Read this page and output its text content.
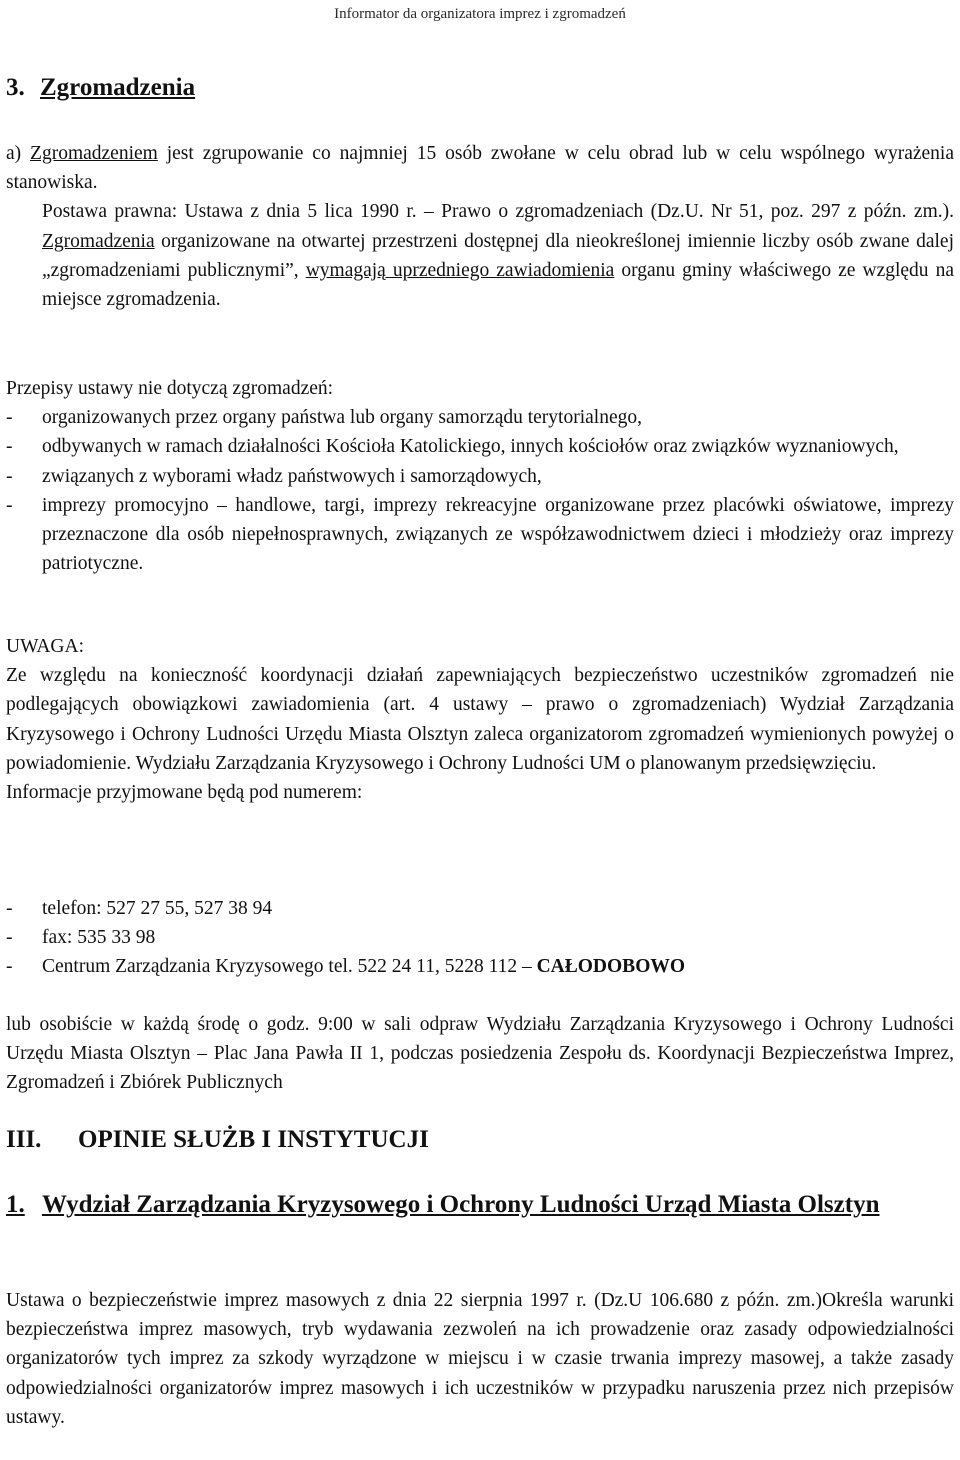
Informator da organizatora imprez i zgromadzeń
3. Zgromadzenia
a) Zgromadzeniem jest zgrupowanie co najmniej 15 osób zwołane w celu obrad lub w celu wspólnego wyrażenia stanowiska.
Postawa prawna: Ustawa z dnia 5 lica 1990 r. – Prawo o zgromadzeniach (Dz.U. Nr 51, poz. 297 z późn. zm.). Zgromadzenia organizowane na otwartej przestrzeni dostępnej dla nieokreślonej imiennie liczby osób zwane dalej „zgromadzeniami publicznymi”, wymagają uprzedniego zawiadomienia organu gminy właściwego ze względu na miejsce zgromadzenia.
Przepisy ustawy nie dotyczą zgromadzeń:
-	organizowanych przez organy państwa lub organy samorządu terytorialnego,
-	odbywanych w ramach działalności Kościoła Katolickiego, innych kościołów oraz związków wyznaniowych,
-	związanych z wyborami władz państwowych i samorządowych,
-	imprezy promocyjno – handlowe, targi, imprezy rekreacyjne organizowane przez placówki oświatowe, imprezy przeznaczone dla osób niepełnosprawnych, związanych ze współzawodnictwem dzieci i młodzieży oraz imprezy patriotyczne.
UWAGA:
Ze względu na konieczność koordynacji działań zapewniających bezpieczeństwo uczestników zgromadzeń nie podlegających obowiązkowi zawiadomienia (art. 4 ustawy – prawo o zgromadzeniach) Wydział Zarządzania Kryzysowego i Ochrony Ludności Urzędu Miasta Olsztyn zaleca organizatorom zgromadzeń wymienionych powyżej o powiadomienie. Wydziału Zarządzania Kryzysowego i Ochrony Ludności UM o planowanym przedsięwzięciu.
Informacje przyjmowane będą pod numerem:
-	telefon: 527 27 55, 527 38 94
-	fax: 535 33 98
-	Centrum Zarządzania Kryzysowego tel. 522 24 11, 5228 112 – CAŁODOBOWO
lub osobiście w każdą środę o godz. 9:00 w sali odpraw Wydziału Zarządzania Kryzysowego i Ochrony Ludności Urzędu Miasta Olsztyn – Plac Jana Pawła II 1, podczas posiedzenia Zespołu ds. Koordynacji Bezpieczeństwa Imprez, Zgromadzeń i Zbiórek Publicznych
III. OPINIE SŁUŻB I INSTYTUCJI
1. Wydział Zarządzania Kryzysowego i Ochrony Ludności Urząd Miasta Olsztyn
Ustawa o bezpieczeństwie imprez masowych z dnia 22 sierpnia 1997 r. (Dz.U 106.680 z późn. zm.)Określa warunki bezpieczeństwa imprez masowych, tryb wydawania zezwoleń na ich prowadzenie oraz zasady odpowiedzialności organizatorów tych imprez za szkody wyrządzone w miejscu i w czasie trwania imprezy masowej, a także zasady odpowiedzialności organizatorów imprez masowych i ich uczestników w przypadku naruszenia przez nich przepisów ustawy.
